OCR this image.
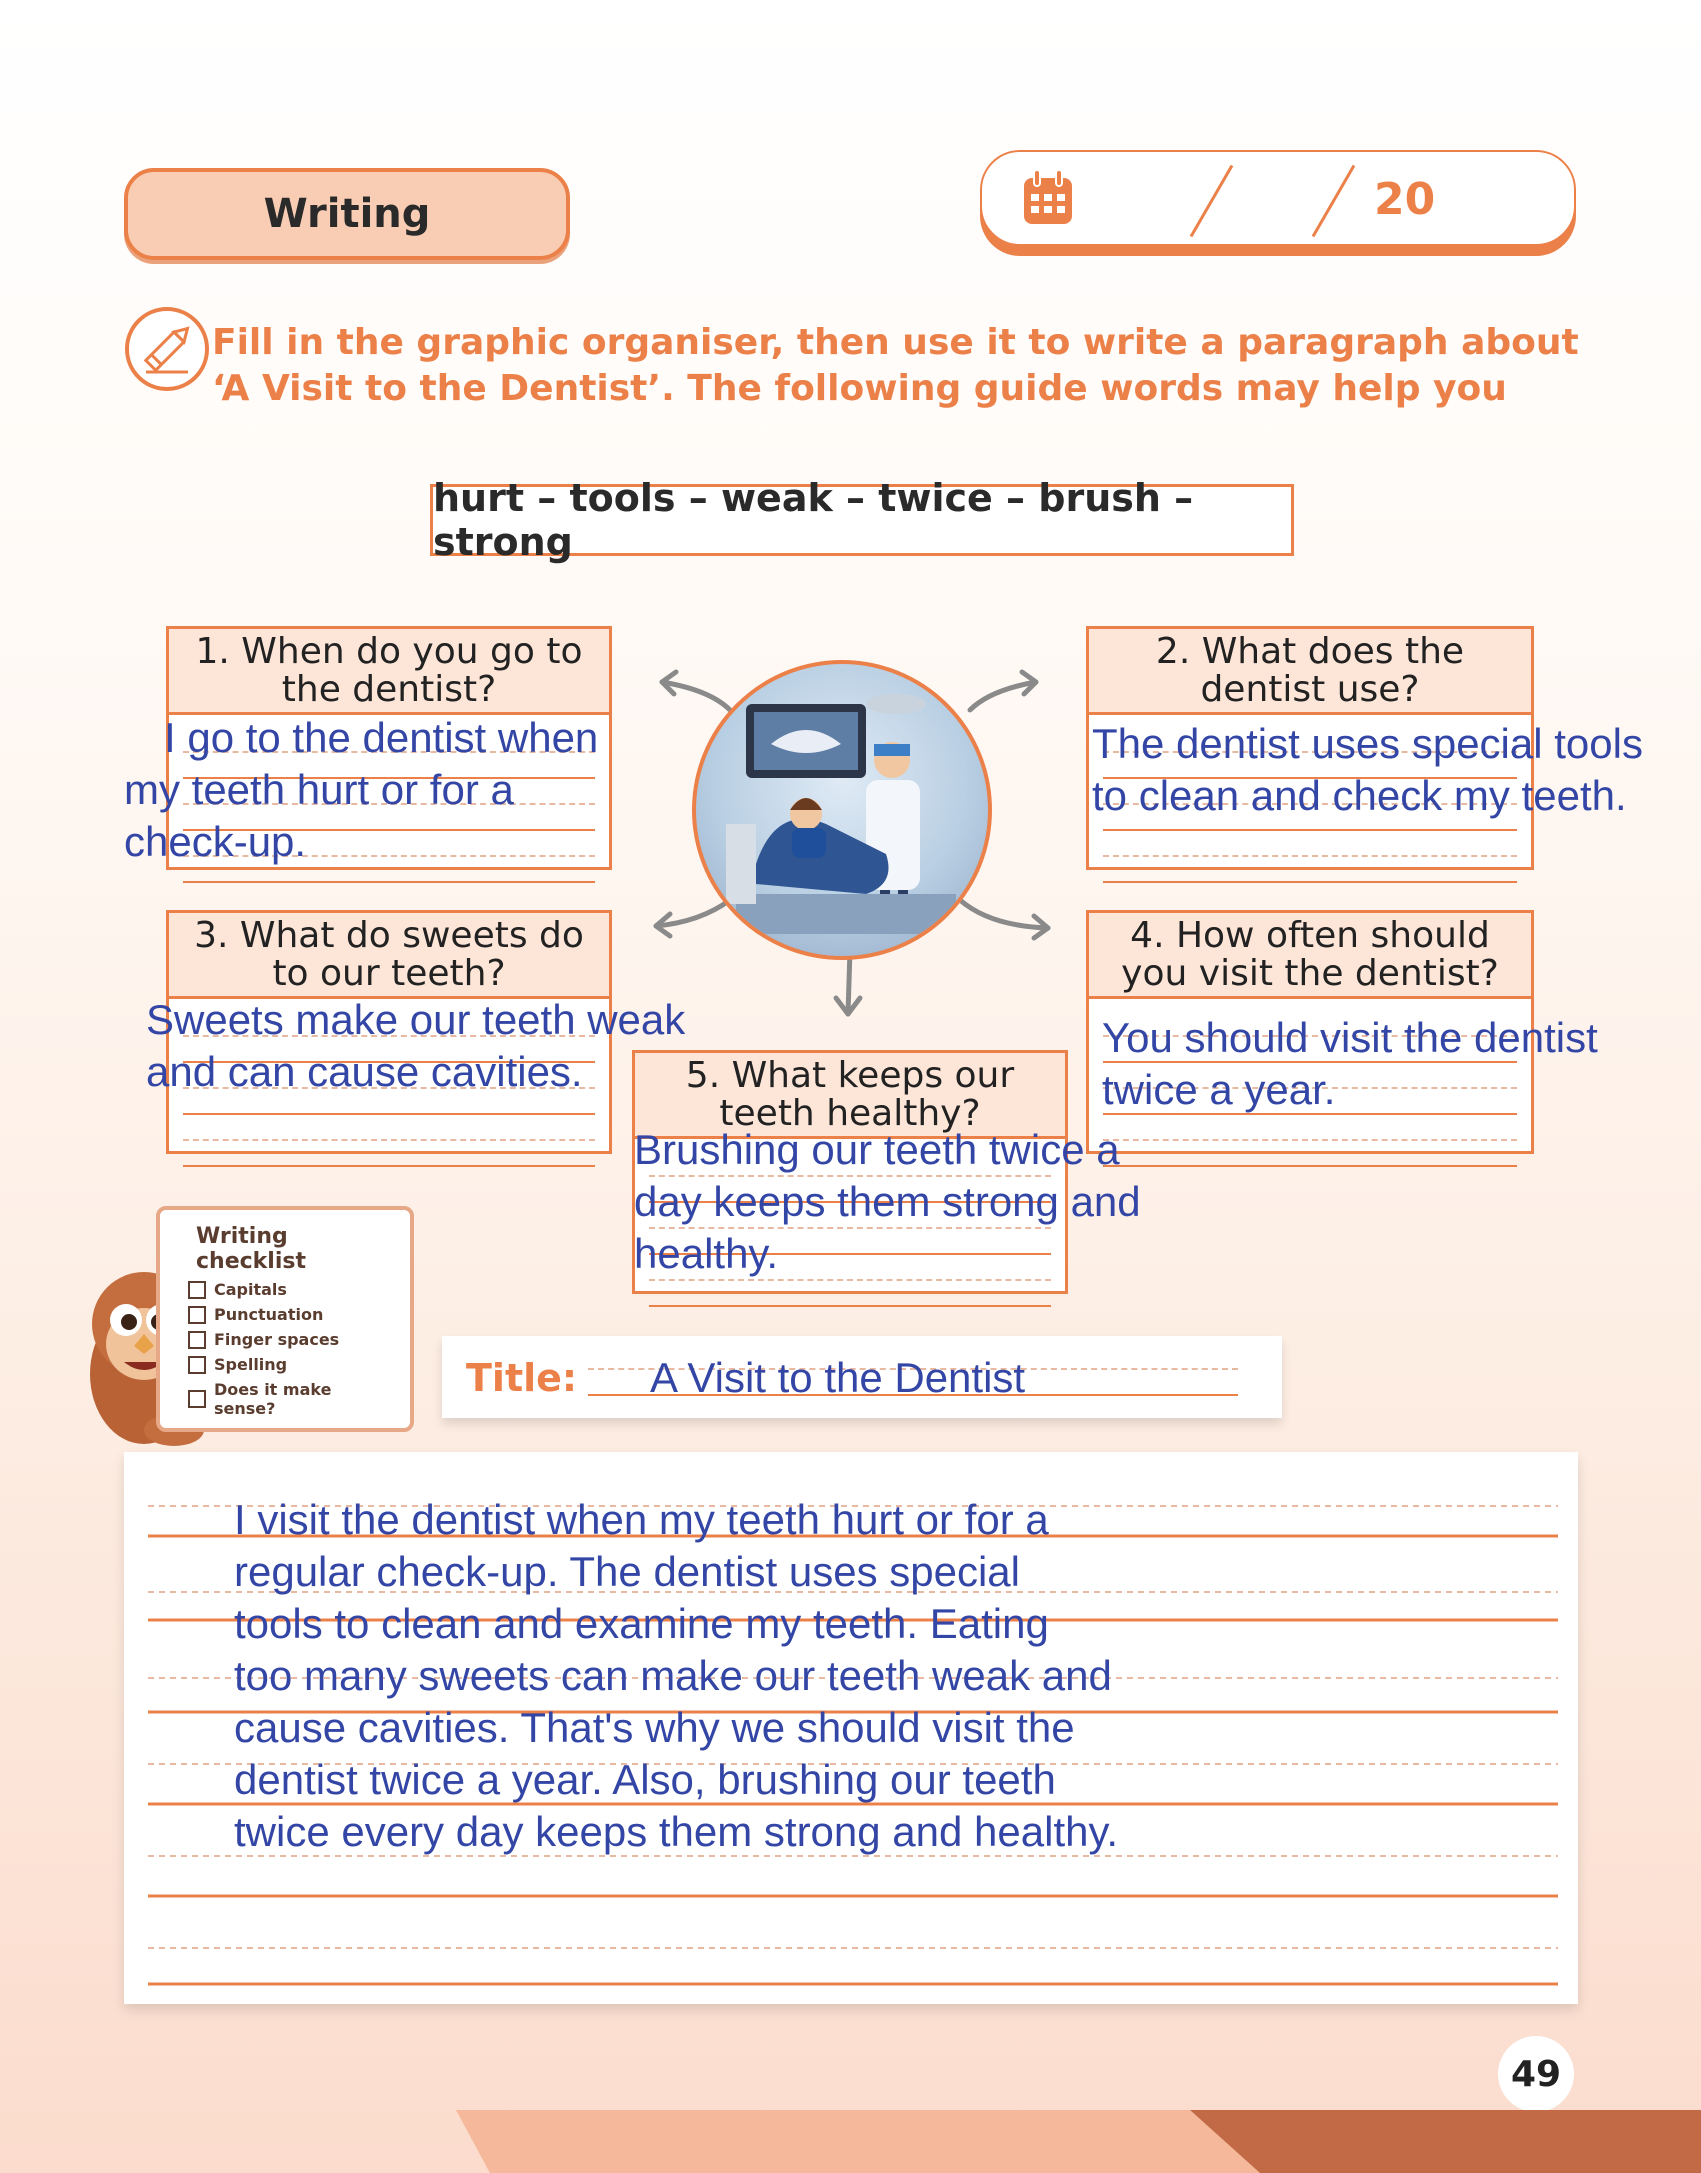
Writing	20
Fill in the graphic organiser, then use it to write a paragraph about ‘A Visit to the Dentist’. The following guide words may help you
hurt – tools – weak – twice – brush – strong
1. When do you go to the dentist?
I go to the dentist when my teeth hurt or for a check-up.
2. What does the dentist use?
The dentist uses special tools to clean and check my teeth.
3. What do sweets do to our teeth?
Sweets make our teeth weak and can cause cavities.
4. How often should you visit the dentist?
You should visit the dentist twice a year.
5. What keeps our teeth healthy?
Brushing our teeth twice a day keeps them strong and healthy.
Writing checklist
Capitals
Punctuation
Finger spaces
Spelling
Does it make sense?
Title: A Visit to the Dentist
I visit the dentist when my teeth hurt or for a
regular check-up. The dentist uses special
tools to clean and examine my teeth. Eating
too many sweets can make our teeth weak and
cause cavities. That's why we should visit the
dentist twice a year. Also, brushing our teeth
twice every day keeps them strong and healthy.
49
